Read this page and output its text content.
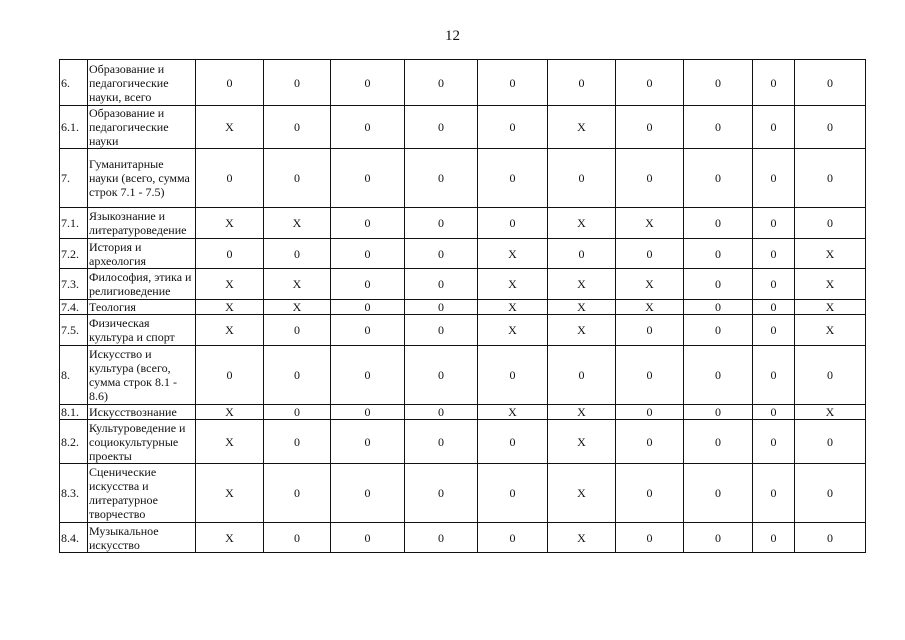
12
6.	Образование и педагогические науки, всего	0	0	0	0	0	0	0	0	0	0
6.1.	Образование и педагогические науки	X	0	0	0	0	X	0	0	0	0
7.	Гуманитарные науки (всего, сумма строк 7.1 - 7.5)	0	0	0	0	0	0	0	0	0	0
7.1.	Языкознание и литературоведение	X	X	0	0	0	X	X	0	0	0
7.2.	История и археология	0	0	0	0	X	0	0	0	0	X
7.3.	Философия, этика и религиоведение	X	X	0	0	X	X	X	0	0	X
7.4.	Теология	X	X	0	0	X	X	X	0	0	X
7.5.	Физическая культура и спорт	X	0	0	0	X	X	0	0	0	X
8.	Искусство и культура (всего, сумма строк 8.1 - 8.6)	0	0	0	0	0	0	0	0	0	0
8.1.	Искусствознание	X	0	0	0	X	X	0	0	0	X
8.2.	Культуроведение и социокультурные проекты	X	0	0	0	0	X	0	0	0	0
8.3.	Сценические искусства и литературное творчество	X	0	0	0	0	X	0	0	0	0
8.4.	Музыкальное искусство	X	0	0	0	0	X	0	0	0	0
